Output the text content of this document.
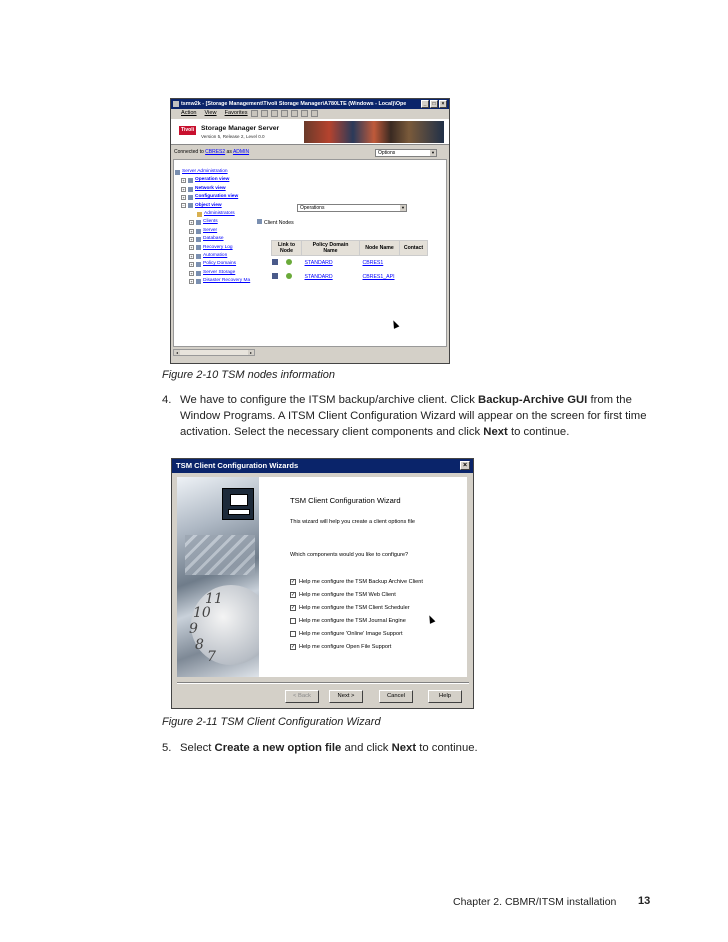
tsmw2k - [Storage Management\Tivoli Storage Manager\A780LTE (Windows - Local)\Ope	_	□	×
Action View Favorites
Tivoli Storage Manager Server
Version 5, Release 2, Level 0.0
Connected to CBRES2 as ADMIN	Options	▼
Server Administration
+ Operation view
+ Network view
+ Configuration view
− Object view
Administrators
+ Clients
+ Server
+ Database
+ Recovery Log
+ Automation
+ Policy Domains
+ Server Storage
+ Disaster Recovery Ma
Operations	▼
Client Nodes
Link to Node	Policy Domain Name	Node Name	Contact
	STANDARD	CBRES1	
	STANDARD	CBRES1_API	
◂	▸
Figure 2-10 TSM nodes information
4. We have to configure the ITSM backup/archive client. Click Backup-Archive GUI from the Window Programs. A ITSM Client Configuration Wizard will appear on the screen for first time activation. Select the necessary client components and click Next to continue.
TSM Client Configuration Wizards	×
11
10
9
8
7
TSM Client Configuration Wizard
This wizard will help you create a client options file
Which components would you like to configure?
✓ Help me configure the TSM Backup Archive Client
✓ Help me configure the TSM Web Client
✓ Help me configure the TSM Client Scheduler
Help me configure the TSM Journal Engine
Help me configure 'Online' Image Support
✓ Help me configure Open File Support
< Back	Next >	Cancel	Help
Figure 2-11 TSM Client Configuration Wizard
5. Select Create a new option file and click Next to continue.
Chapter 2. CBMR/ITSM installation 13
